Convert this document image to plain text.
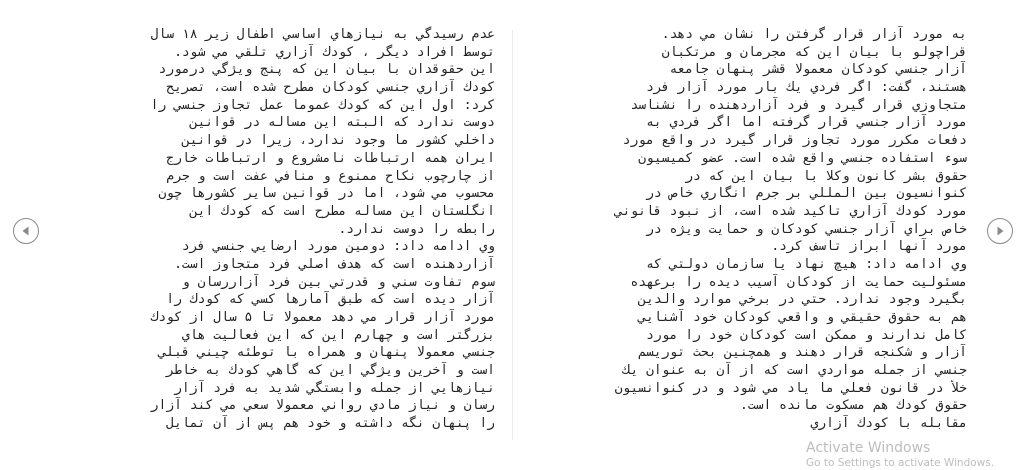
عدم رسيدگي به نيازهاي اساسي اطفال زير ۱۸ سال

توسط افراد ديگر ، كودك آزاري تلقي مي شود.

اين حقوقدان با بيان اين كه پنج ويژگي درمورد

كودك آزاري جنسي كودكان مطرح شده است، تصريح

كرد: اول اين كه كودك عموما عمل تجاوز جنسي را

دوست ندارد كه البته اين مساله در قوانين

داخلي كشور ما وجود ندارد، زيرا در قوانين

ايران همه ارتباطات نامشروع و ارتباطات خارج

از چارچوب نكاح ممنوع و منافي عفت است و جرم

محسوب مي شود، اما در قوانين ساير كشورها چون

انگلستان اين مساله مطرح است كه كودك اين

رابطه را دوست ندارد.

وي ادامه داد: دومين مورد ارضايي جنسي فرد

آزاردهنده است كه هدف اصلي فرد متجاوز است.

سوم تفاوت سني و قدرتي بين فرد آزاررسان و

آزار ديده است كه طبق آمارها كسي كه كودك را

مورد آزار قرار مي دهد معمولا تا ۵ سال از كودك

بزرگتر است و چهارم اين كه اين فعاليت هاي

جنسي معمولا پنهان و همراه با توطئه چيني قبلي

است و آخرين ويژگي اين كه گاهي كودك به خاطر

نيازهايي از جمله وابستگي شديد به فرد آزار

رسان و نياز مادي رواني معمولا سعي مي كند آزار

را پنهان نگه داشته و خود هم پس از آن تمايل

به مورد آزار قرار گرفتن را نشان مي دهد.

قراچولو با بيان اين كه مجرمان و مرتكبان

آزار جنسي كودكان معمولا قشر پنهان جامعه

هستند، گفت: اگر فردي يك بار مورد آزار فرد

متجاوزي قرار گيرد و فرد آزاردهنده را نشناسد

مورد آزار جنسي قرار گرفته اما اگر فردي به

دفعات مكرر مورد تجاوز قرار گيرد در واقع مورد

سوء استفاده جنسي واقع شده است. عضو كميسيون

حقوق بشر كانون وكلا با بيان اين كه در

كنوانسيون بين المللي بر جرم انگاري خاص در

مورد كودك آزاري تاكيد شده است، از نبود قانوني

خاص براي آزار جنسي كودكان و حمايت ويژه در

مورد آنها ابراز تاسف كرد.

وي ادامه داد: هيچ نهاد يا سازمان دولتي كه

مسئوليت حمايت از كودكان آسيب ديده را برعهده

بگيرد وجود ندارد. حتي در برخي موارد والدين

هم به حقوق حقيقي و واقعي كودكان خود آشنايي

كامل ندارند و ممكن است كودكان خود را مورد

آزار و شكنجه قرار دهند و همچنين بحث توريسم

جنسي از جمله مواردي است كه از آن به عنوان يك

خلأ در قانون فعلي ما ياد مي شود و در كنوانسيون

حقوق كودك هم مسكوت مانده است.

مقابله با كودك آزاري

Activate Windows
Go to Settings to activate Windows.
